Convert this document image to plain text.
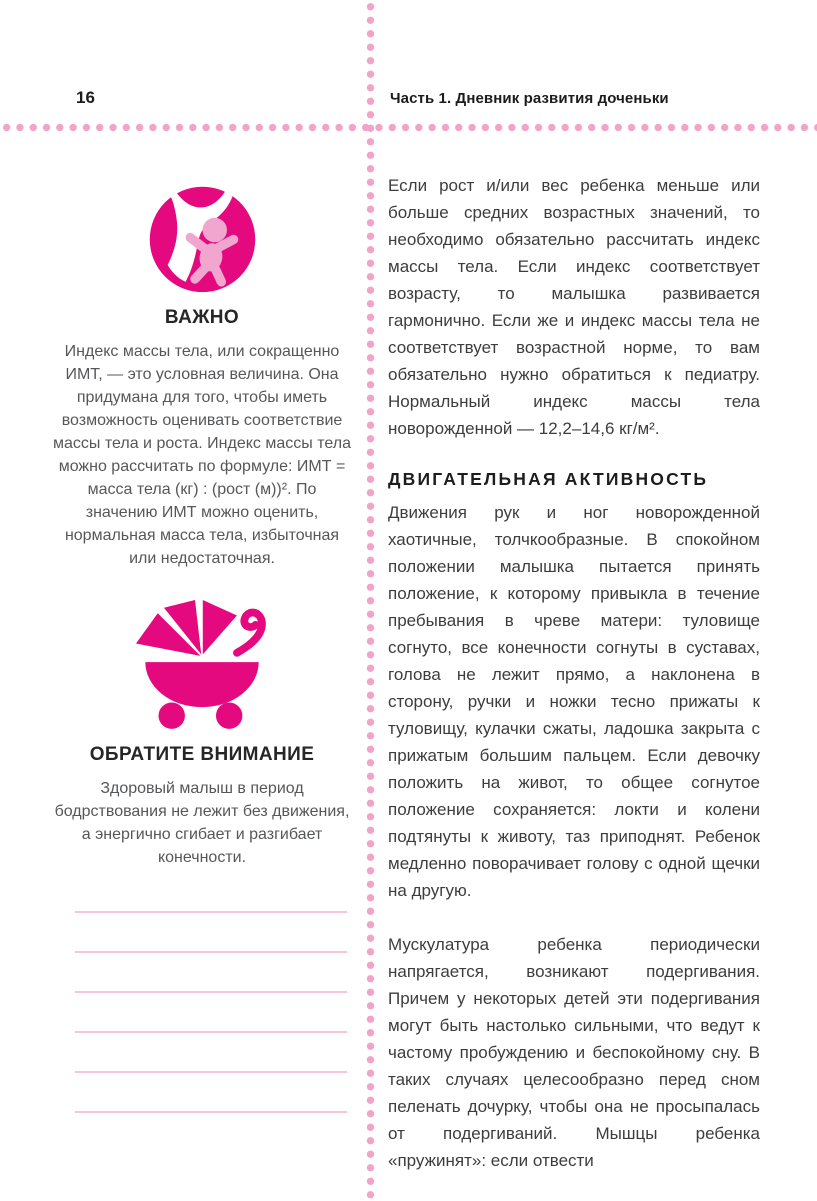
16	Часть 1. Дневник развития доченьки
ВАЖНО

Индекс массы тела, или сокращенно ИМТ, — это условная величина. Она придумана для того, чтобы иметь возможность оценивать соответствие массы тела и роста. Индекс массы тела можно рассчитать по формуле: ИМТ = масса тела (кг) : (рост (м))². По значению ИМТ можно оценить, нормальная масса тела, избыточная или недостаточная.

ОБРАТИТЕ ВНИМАНИЕ

Здоровый малыш в период бодрствования не лежит без движения, а энергично сгибает и разгибает конечности.

Если рост и/или вес ребенка меньше или больше средних возрастных значений, то необходимо обязательно рассчитать индекс массы тела. Если индекс соответствует возрасту, то малышка развивается гармонично. Если же и индекс массы тела не соответствует возрастной норме, то вам обязательно нужно обратиться к педиатру. Нормальный индекс массы тела новорожденной — 12,2–14,6 кг/м².

ДВИГАТЕЛЬНАЯ АКТИВНОСТЬ

Движения рук и ног новорожденной хаотичные, толчкообразные. В спокойном положении малышка пытается принять положение, к которому привыкла в течение пребывания в чреве матери: туловище согнуто, все конечности согнуты в суставах, голова не лежит прямо, а наклонена в сторону, ручки и ножки тесно прижаты к туловищу, кулачки сжаты, ладошка закрыта с прижатым большим пальцем. Если девочку положить на живот, то общее согнутое положение сохраняется: локти и колени подтянуты к животу, таз приподнят. Ребенок медленно поворачивает голову с одной щечки на другую.

Мускулатура ребенка периодически напрягается, возникают подергивания. Причем у некоторых детей эти подергивания могут быть настолько сильными, что ведут к частому пробуждению и беспокойному сну. В таких случаях целесообразно перед сном пеленать дочурку, чтобы она не просыпалась от подергиваний. Мышцы ребенка «пружинят»: если отвести
